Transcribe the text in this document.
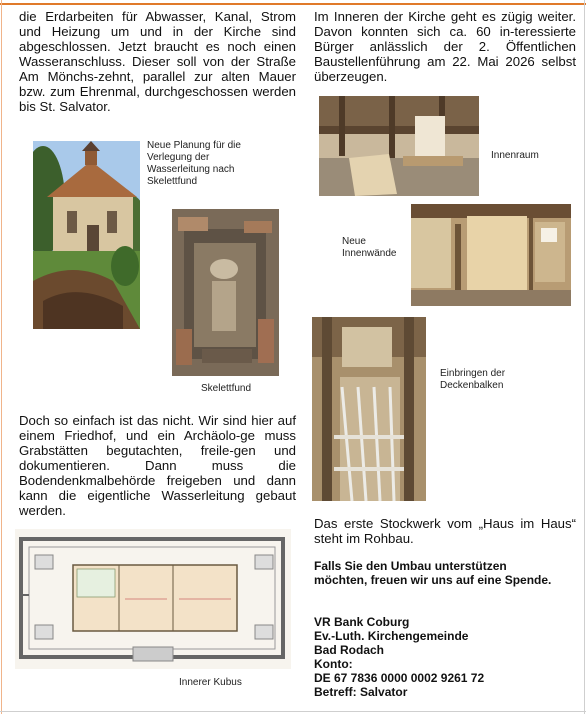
die Erdarbeiten für Abwasser, Kanal, Strom und Heizung um und in der Kirche sind abgeschlossen. Jetzt braucht es noch einen Wasseranschluss. Dieser soll von der Straße Am Mönchs-zehnt, parallel zur alten Mauer bzw. zum Ehrenmal, durchgeschossen werden bis St. Salvator.

Neue Planung für die Verlegung der Wasserleitung nach Skelettfund
Skelettfund

Doch so einfach ist das nicht. Wir sind hier auf einem Friedhof, und ein Archäolo-ge muss Grabstätten begutachten, freile-gen und dokumentieren. Dann muss die Bodendenkmalbehörde freigeben und dann kann die eigentliche Wasserleitung gebaut werden.

Innerer Kubus

Im Inneren der Kirche geht es zügig weiter. Davon konnten sich ca. 60 in-teressierte Bürger anlässlich der 2. Öffentlichen Baustellenführung am 22. Mai 2026 selbst überzeugen.

Innenraum
Neue Innenwände
Einbringen der Deckenbalken

Das erste Stockwerk vom „Haus im Haus“ steht im Rohbau.

Falls Sie den Umbau unterstützen möchten, freuen wir uns auf eine Spende.
VR Bank Coburg
Ev.-Luth. Kirchengemeinde
Bad Rodach
Konto:
DE 67 7836 0000 0002 9261 72
Betreff: Salvator
